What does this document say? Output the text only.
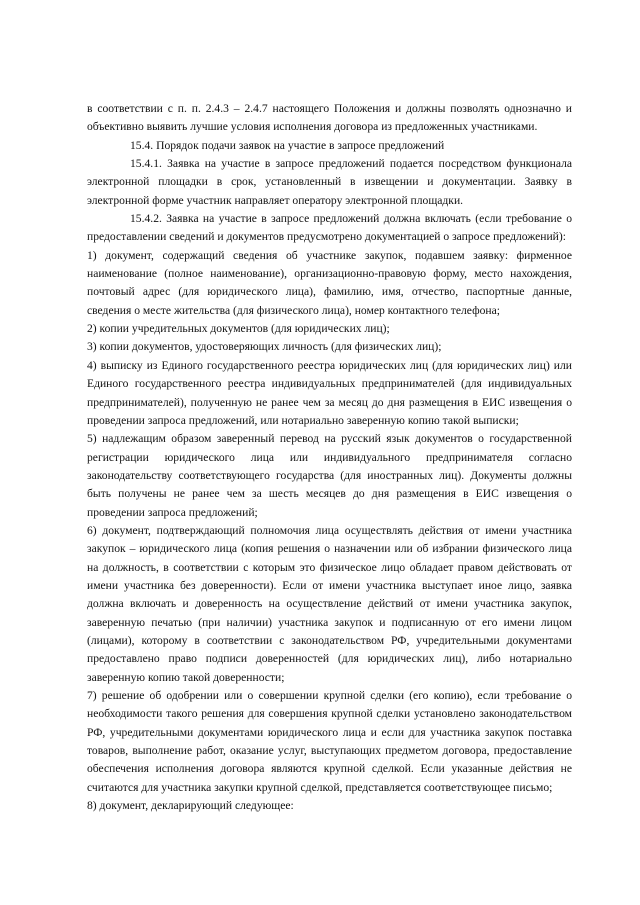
в соответствии с п. п. 2.4.3 – 2.4.7 настоящего Положения и должны позволять однозначно и объективно выявить лучшие условия исполнения договора из предложенных участниками.

15.4. Порядок подачи заявок на участие в запросе предложений

15.4.1. Заявка на участие в запросе предложений подается посредством функционала электронной площадки в срок, установленный в извещении и документации. Заявку в электронной форме участник направляет оператору электронной площадки.

15.4.2. Заявка на участие в запросе предложений должна включать (если требование о предоставлении сведений и документов предусмотрено документацией о запросе предложений):

1) документ, содержащий сведения об участнике закупок, подавшем заявку: фирменное наименование (полное наименование), организационно-правовую форму, место нахождения, почтовый адрес (для юридического лица), фамилию, имя, отчество, паспортные данные, сведения о месте жительства (для физического лица), номер контактного телефона;

2) копии учредительных документов (для юридических лиц);

3) копии документов, удостоверяющих личность (для физических лиц);

4) выписку из Единого государственного реестра юридических лиц (для юридических лиц) или Единого государственного реестра индивидуальных предпринимателей (для индивидуальных предпринимателей), полученную не ранее чем за месяц до дня размещения в ЕИС извещения о проведении запроса предложений, или нотариально заверенную копию такой выписки;

5) надлежащим образом заверенный перевод на русский язык документов о государственной регистрации юридического лица или индивидуального предпринимателя согласно законодательству соответствующего государства (для иностранных лиц). Документы должны быть получены не ранее чем за шесть месяцев до дня размещения в ЕИС извещения о проведении запроса предложений;

6) документ, подтверждающий полномочия лица осуществлять действия от имени участника закупок – юридического лица (копия решения о назначении или об избрании физического лица на должность, в соответствии с которым это физическое лицо обладает правом действовать от имени участника без доверенности). Если от имени участника выступает иное лицо, заявка должна включать и доверенность на осуществление действий от имени участника закупок, заверенную печатью (при наличии) участника закупок и подписанную от его имени лицом (лицами), которому в соответствии с законодательством РФ, учредительными документами предоставлено право подписи доверенностей (для юридических лиц), либо нотариально заверенную копию такой доверенности;

7) решение об одобрении или о совершении крупной сделки (его копию), если требование о необходимости такого решения для совершения крупной сделки установлено законодательством РФ, учредительными документами юридического лица и если для участника закупок поставка товаров, выполнение работ, оказание услуг, выступающих предметом договора, предоставление обеспечения исполнения договора являются крупной сделкой. Если указанные действия не считаются для участника закупки крупной сделкой, представляется соответствующее письмо;

8) документ, декларирующий следующее:
